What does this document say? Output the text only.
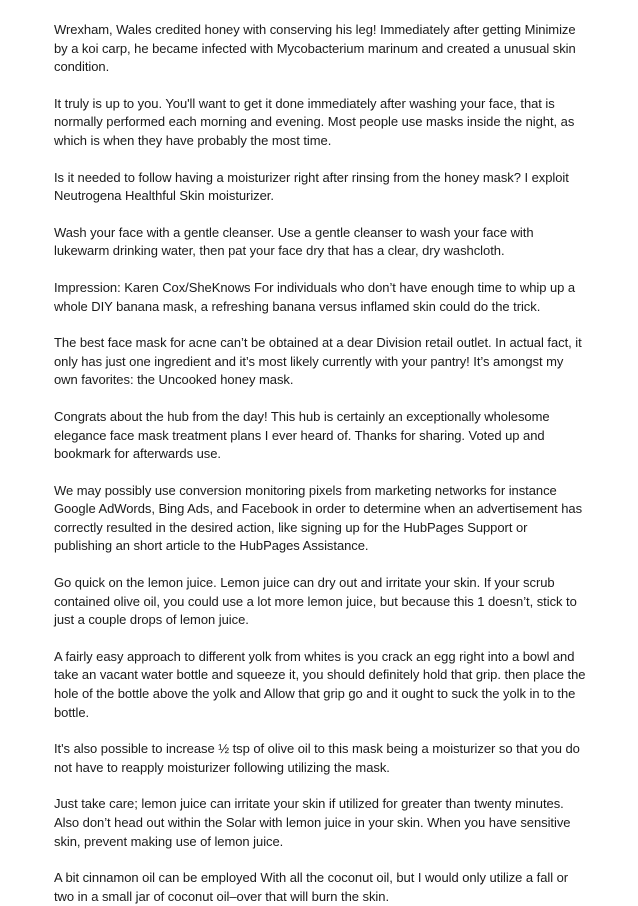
Wrexham, Wales credited honey with conserving his leg! Immediately after getting Minimize by a koi carp, he became infected with Mycobacterium marinum and created a unusual skin condition.

It truly is up to you. You'll want to get it done immediately after washing your face, that is normally performed each morning and evening. Most people use masks inside the night, as which is when they have probably the most time.

Is it needed to follow having a moisturizer right after rinsing from the honey mask? I exploit Neutrogena Healthful Skin moisturizer.

Wash your face with a gentle cleanser. Use a gentle cleanser to wash your face with lukewarm drinking water, then pat your face dry that has a clear, dry washcloth.

Impression: Karen Cox/SheKnows For individuals who don’t have enough time to whip up a whole DIY banana mask, a refreshing banana versus inflamed skin could do the trick.

The best face mask for acne can’t be obtained at a dear Division retail outlet. In actual fact, it only has just one ingredient and it’s most likely currently with your pantry! It’s amongst my own favorites: the Uncooked honey mask.

Congrats about the hub from the day! This hub is certainly an exceptionally wholesome elegance face mask treatment plans I ever heard of. Thanks for sharing. Voted up and bookmark for afterwards use.

We may possibly use conversion monitoring pixels from marketing networks for instance Google AdWords, Bing Ads, and Facebook in order to determine when an advertisement has correctly resulted in the desired action, like signing up for the HubPages Support or publishing an short article to the HubPages Assistance.

Go quick on the lemon juice. Lemon juice can dry out and irritate your skin. If your scrub contained olive oil, you could use a lot more lemon juice, but because this 1 doesn’t, stick to just a couple drops of lemon juice.

A fairly easy approach to different yolk from whites is you crack an egg right into a bowl and take an vacant water bottle and squeeze it, you should definitely hold that grip. then place the hole of the bottle above the yolk and Allow that grip go and it ought to suck the yolk in to the bottle.

It's also possible to increase ½ tsp of olive oil to this mask being a moisturizer so that you do not have to reapply moisturizer following utilizing the mask.

Just take care; lemon juice can irritate your skin if utilized for greater than twenty minutes. Also don’t head out within the Solar with lemon juice in your skin. When you have sensitive skin, prevent making use of lemon juice.

A bit cinnamon oil can be employed With all the coconut oil, but I would only utilize a fall or two in a small jar of coconut oil–over that will burn the skin.
